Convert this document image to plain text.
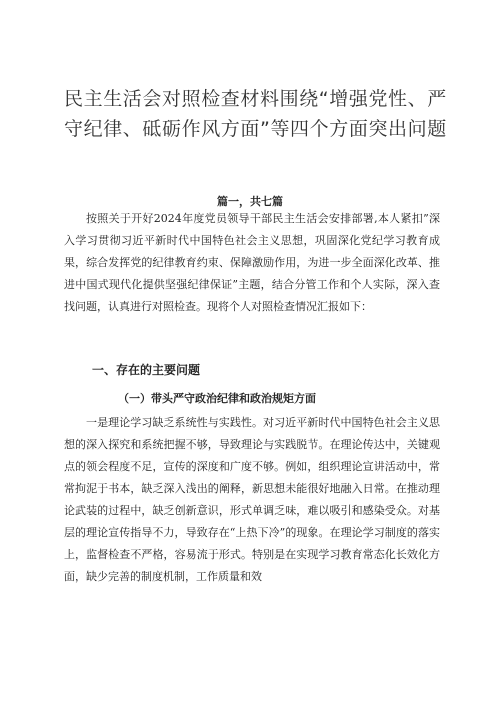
民主生活会对照检查材料围绕“增强党性、严守纪律、砥砺作风方面”等四个方面突出问题

篇一，共七篇

按照关于开好2024年度党员领导干部民主生活会安排部署,本人紧扣”深入学习贯彻习近平新时代中国特色社会主义思想，巩固深化党纪学习教育成果，综合发挥党的纪律教育约束、保障激励作用，为进一步全面深化改革、推进中国式现代化提供坚强纪律保证”主题，结合分管工作和个人实际，深入查找问题，认真进行对照检查。现将个人对照检查情况汇报如下：

一、存在的主要问题
（一）带头严守政治纪律和政治规矩方面

一是理论学习缺乏系统性与实践性。对习近平新时代中国特色社会主义思想的深入探究和系统把握不够，导致理论与实践脱节。在理论传达中，关键观点的领会程度不足，宣传的深度和广度不够。例如，组织理论宣讲活动中，常常拘泥于书本，缺乏深入浅出的阐释，新思想未能很好地融入日常。在推动理论武装的过程中，缺乏创新意识，形式单调乏味，难以吸引和感染受众。对基层的理论宣传指导不力，导致存在“上热下冷”的现象。在理论学习制度的落实上，监督检查不严格，容易流于形式。特别是在实现学习教育常态化长效化方面，缺少完善的制度机制，工作质量和效
